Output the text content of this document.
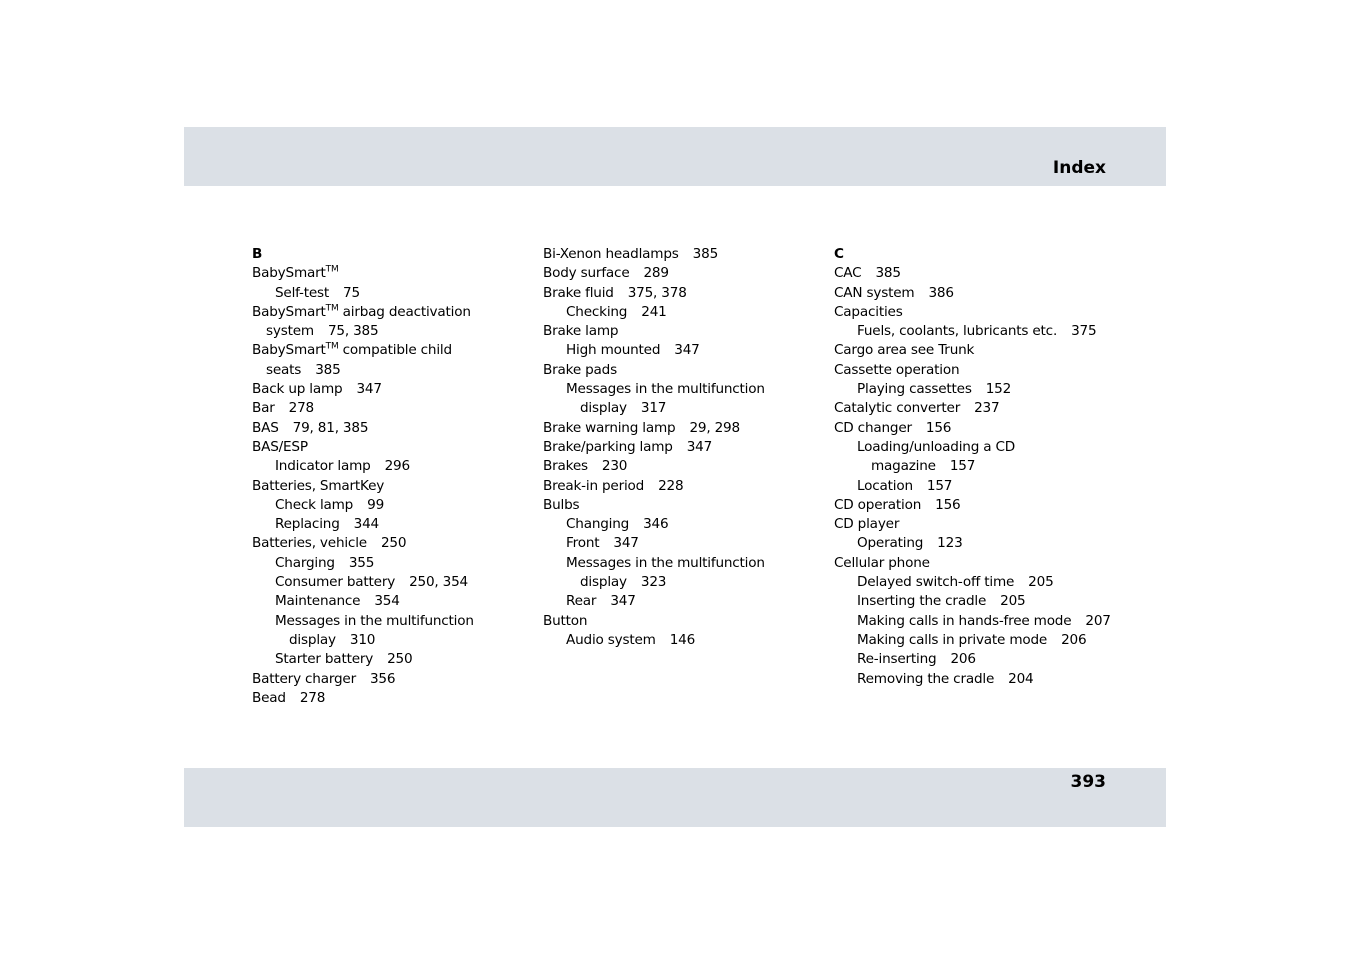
Index
B
BabySmart™
Self-test 75
BabySmart™ airbag deactivation
system 75, 385
BabySmart™ compatible child
seats 385
Back up lamp 347
Bar 278
BAS 79, 81, 385
BAS/ESP
Indicator lamp 296
Batteries, SmartKey
Check lamp 99
Replacing 344
Batteries, vehicle 250
Charging 355
Consumer battery 250, 354
Maintenance 354
Messages in the multifunction
display 310
Starter battery 250
Battery charger 356
Bead 278
Bi-Xenon headlamps 385
Body surface 289
Brake fluid 375, 378
Checking 241
Brake lamp
High mounted 347
Brake pads
Messages in the multifunction
display 317
Brake warning lamp 29, 298
Brake/parking lamp 347
Brakes 230
Break-in period 228
Bulbs
Changing 346
Front 347
Messages in the multifunction
display 323
Rear 347
Button
Audio system 146
C
CAC 385
CAN system 386
Capacities
Fuels, coolants, lubricants etc. 375
Cargo area see Trunk
Cassette operation
Playing cassettes 152
Catalytic converter 237
CD changer 156
Loading/unloading a CD
magazine 157
Location 157
CD operation 156
CD player
Operating 123
Cellular phone
Delayed switch-off time 205
Inserting the cradle 205
Making calls in hands-free mode 207
Making calls in private mode 206
Re-inserting 206
Removing the cradle 204
393
